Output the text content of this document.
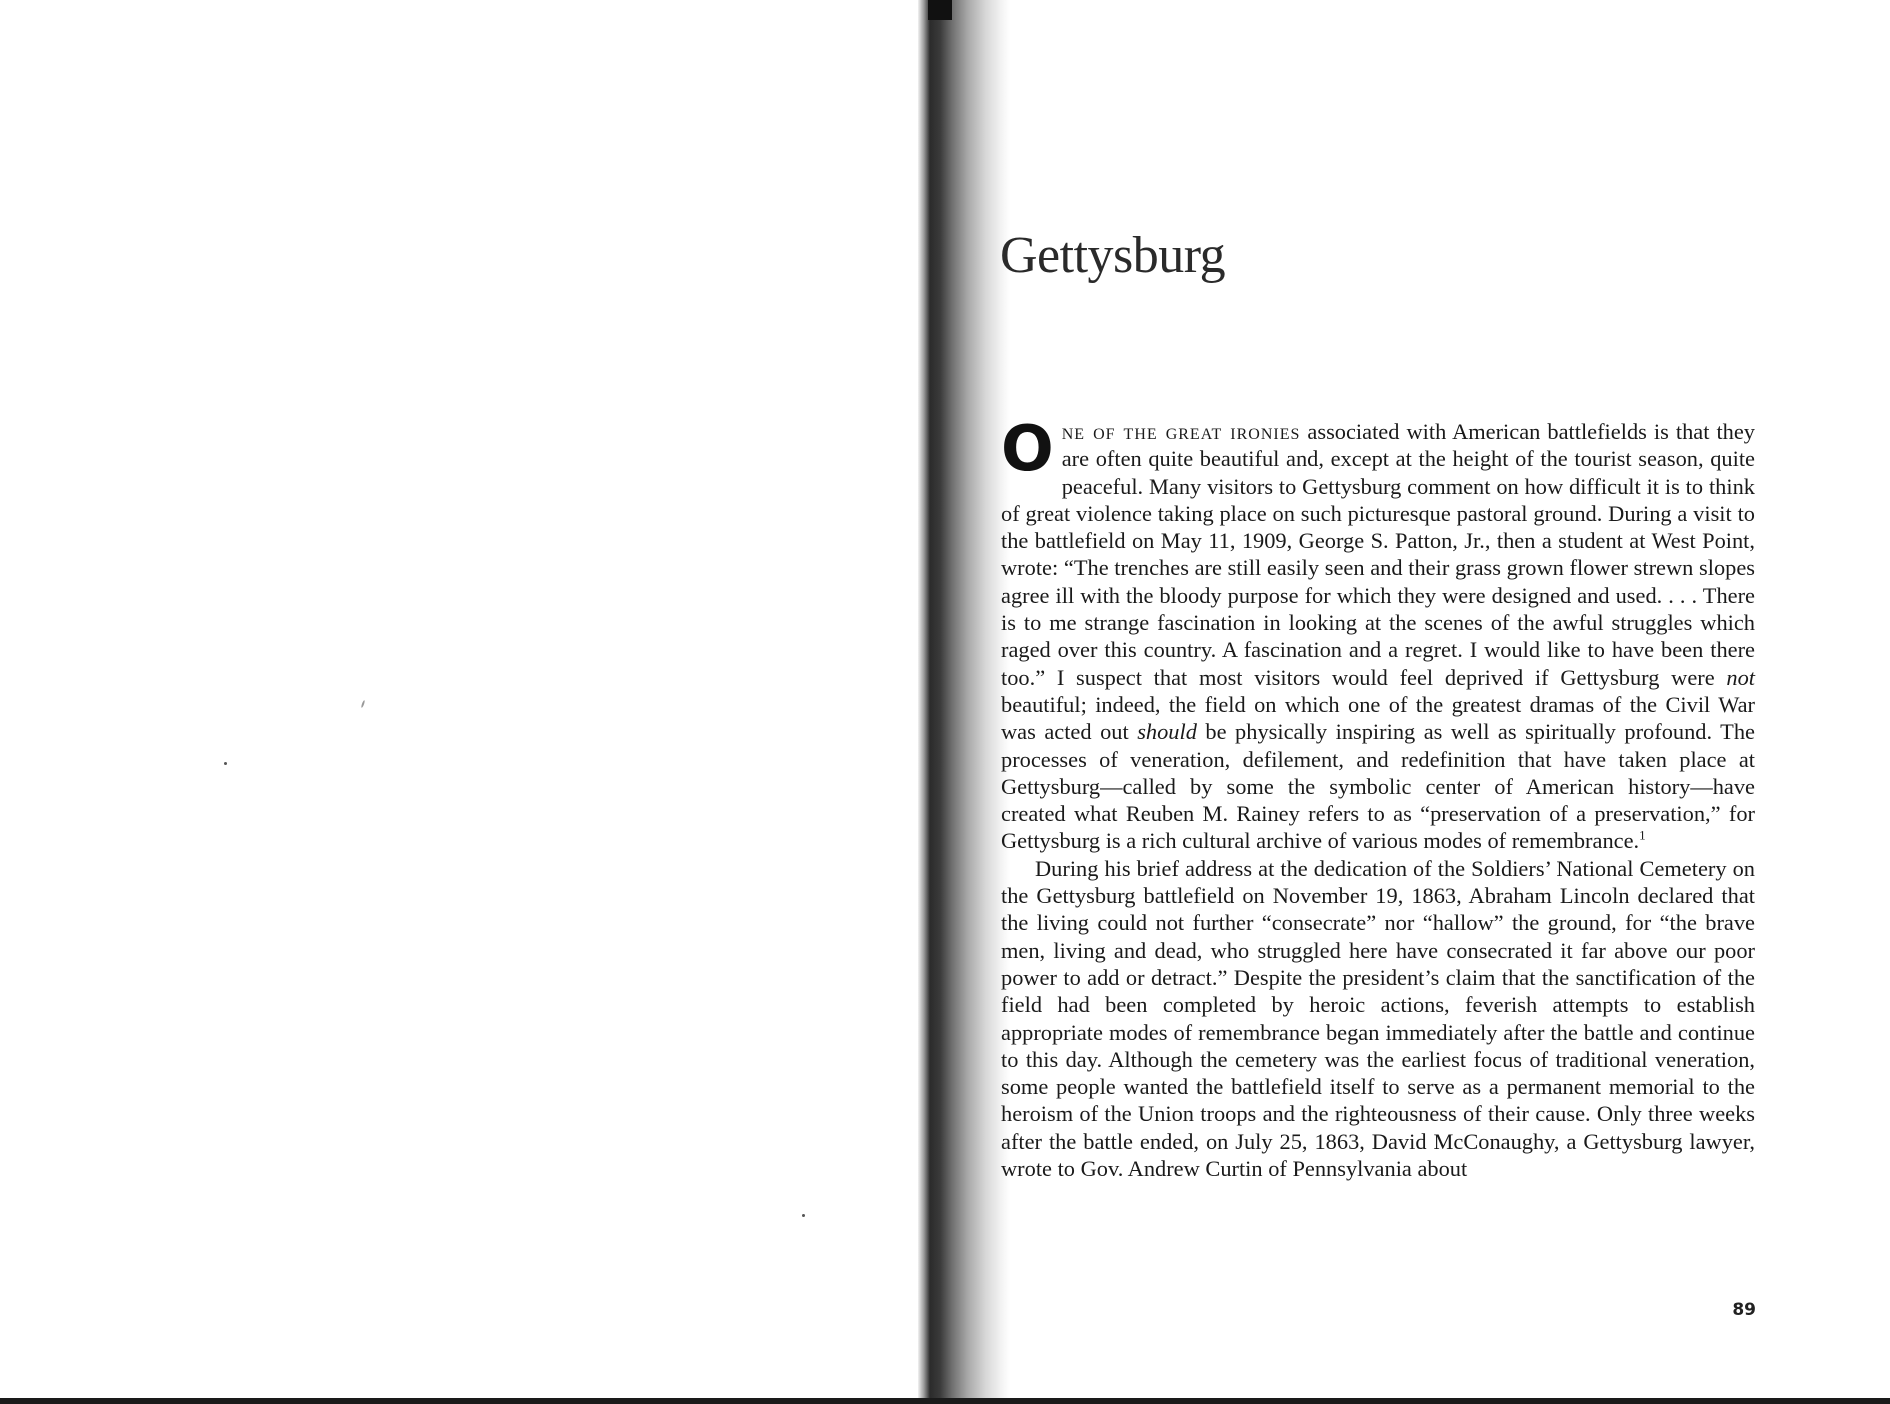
Gettysburg

One of the great ironies associated with American battlefields is that they are often quite beautiful and, except at the height of the tourist season, quite peaceful. Many visitors to Gettysburg comment on how difficult it is to think of great violence taking place on such picturesque pastoral ground. During a visit to the battlefield on May 11, 1909, George S. Patton, Jr., then a student at West Point, wrote: “The trenches are still easily seen and their grass grown flower strewn slopes agree ill with the bloody purpose for which they were designed and used. . . . There is to me strange fascination in looking at the scenes of the awful struggles which raged over this country. A fascination and a regret. I would like to have been there too.” I suspect that most visitors would feel deprived if Gettysburg were not beautiful; indeed, the field on which one of the greatest dramas of the Civil War was acted out should be physically inspiring as well as spiritually profound. The processes of veneration, defilement, and redefinition that have taken place at Gettysburg—called by some the symbolic center of American history—have created what Reuben M. Rainey refers to as “preservation of a preservation,” for Gettysburg is a rich cultural archive of various modes of remembrance.$^1$

During his brief address at the dedication of the Soldiers’ National Cemetery on the Gettysburg battlefield on November 19, 1863, Abraham Lincoln declared that the living could not further “consecrate” nor “hallow” the ground, for “the brave men, living and dead, who struggled here have consecrated it far above our poor power to add or detract.” Despite the president’s claim that the sanctification of the field had been completed by heroic actions, feverish attempts to establish appropriate modes of remembrance began immediately after the battle and continue to this day. Although the cemetery was the earliest focus of traditional veneration, some people wanted the battlefield itself to serve as a permanent memorial to the heroism of the Union troops and the righteousness of their cause. Only three weeks after the battle ended, on July 25, 1863, David McConaughy, a Gettysburg lawyer, wrote to Gov. Andrew Curtin of Pennsylvania about

89
